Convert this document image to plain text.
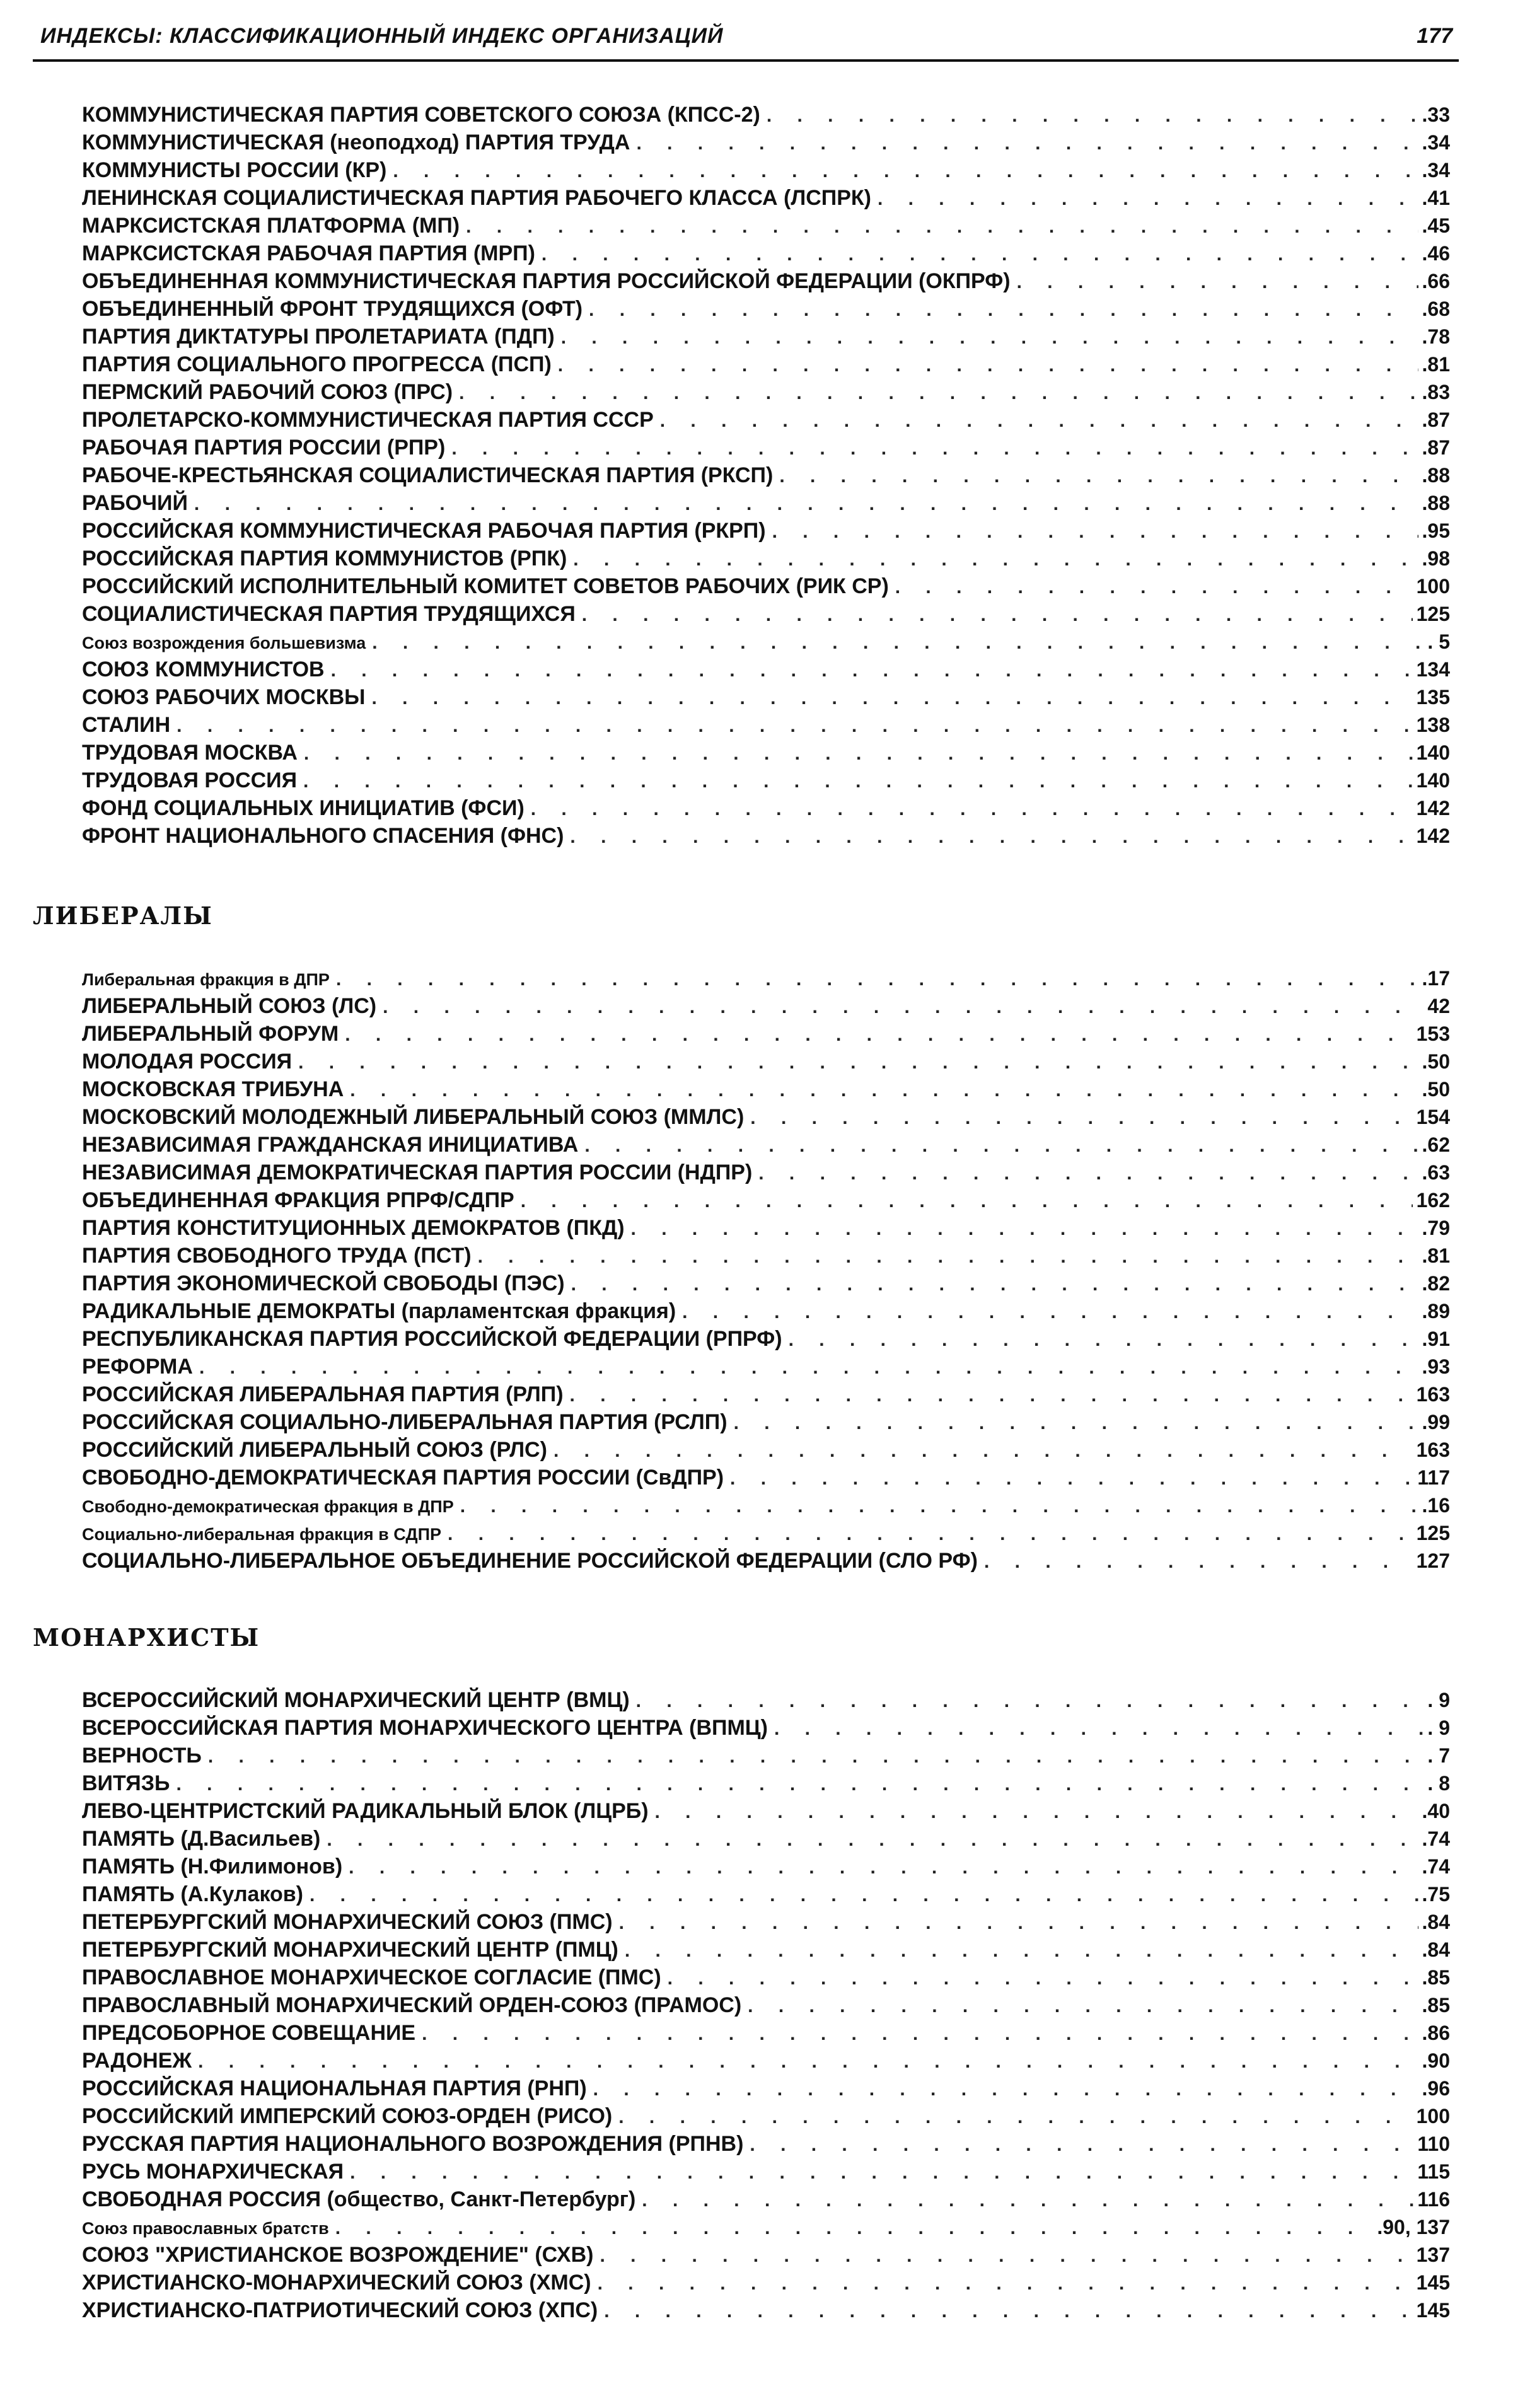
ИНДЕКСЫ: КЛАССИФИКАЦИОННЫЙ ИНДЕКС ОРГАНИЗАЦИЙ	177
КОММУНИСТИЧЕСКАЯ ПАРТИЯ СОВЕТСКОГО СОЮЗА (КПСС-2) . . .	.33
КОММУНИСТИЧЕСКАЯ (неоподход) ПАРТИЯ ТРУДА . . .	.34
КОММУНИСТЫ РОССИИ (КР) . . .	.34
ЛЕНИНСКАЯ СОЦИАЛИСТИЧЕСКАЯ ПАРТИЯ РАБОЧЕГО КЛАССА (ЛСПРК) . . .	.41
МАРКСИСТСКАЯ ПЛАТФОРМА (МП) . . .	.45
МАРКСИСТСКАЯ РАБОЧАЯ ПАРТИЯ (МРП) . . .	.46
ОБЪЕДИНЕННАЯ КОММУНИСТИЧЕСКАЯ ПАРТИЯ РОССИЙСКОЙ ФЕДЕРАЦИИ (ОКПРФ) . . .	.66
ОБЪЕДИНЕННЫЙ ФРОНТ ТРУДЯЩИХСЯ (ОФТ) . . .	.68
ПАРТИЯ ДИКТАТУРЫ ПРОЛЕТАРИАТА (ПДП) . . .	.78
ПАРТИЯ СОЦИАЛЬНОГО ПРОГРЕССА (ПСП) . . .	.81
ПЕРМСКИЙ РАБОЧИЙ СОЮЗ (ПРС) . . .	.83
ПРОЛЕТАРСКО-КОММУНИСТИЧЕСКАЯ ПАРТИЯ СССР . . .	.87
РАБОЧАЯ ПАРТИЯ РОССИИ (РПР) . . .	.87
РАБОЧЕ-КРЕСТЬЯНСКАЯ СОЦИАЛИСТИЧЕСКАЯ ПАРТИЯ (РКСП) . . .	.88
РАБОЧИЙ . . .	.88
РОССИЙСКАЯ КОММУНИСТИЧЕСКАЯ РАБОЧАЯ ПАРТИЯ (РКРП) . . .	.95
РОССИЙСКАЯ ПАРТИЯ КОММУНИСТОВ (РПК) . . .	.98
РОССИЙСКИЙ ИСПОЛНИТЕЛЬНЫЙ КОМИТЕТ СОВЕТОВ РАБОЧИХ (РИК СР) . . .	100
СОЦИАЛИСТИЧЕСКАЯ ПАРТИЯ ТРУДЯЩИХСЯ . . .	125
Союз возрождения большевизма . . .	. 5
СОЮЗ КОММУНИСТОВ . . .	134
СОЮЗ РАБОЧИХ МОСКВЫ . . .	135
СТАЛИН . . .	138
ТРУДОВАЯ МОСКВА . . .	140
ТРУДОВАЯ РОССИЯ . . .	140
ФОНД СОЦИАЛЬНЫХ ИНИЦИАТИВ (ФСИ) . . .	142
ФРОНТ НАЦИОНАЛЬНОГО СПАСЕНИЯ (ФНС) . . .	142
ЛИБЕРАЛЫ
Либеральная фракция в ДПР . . .	.17
ЛИБЕРАЛЬНЫЙ СОЮЗ (ЛС) . . .	42
ЛИБЕРАЛЬНЫЙ ФОРУМ . . .	153
МОЛОДАЯ РОССИЯ . . .	.50
МОСКОВСКАЯ ТРИБУНА . . .	.50
МОСКОВСКИЙ МОЛОДЕЖНЫЙ ЛИБЕРАЛЬНЫЙ СОЮЗ (ММЛС) . . .	154
НЕЗАВИСИМАЯ ГРАЖДАНСКАЯ ИНИЦИАТИВА . . .	.62
НЕЗАВИСИМАЯ ДЕМОКРАТИЧЕСКАЯ ПАРТИЯ РОССИИ (НДПР) . . .	.63
ОБЪЕДИНЕННАЯ ФРАКЦИЯ РПРФ/СДПР . . .	162
ПАРТИЯ КОНСТИТУЦИОННЫХ ДЕМОКРАТОВ (ПКД) . . .	.79
ПАРТИЯ СВОБОДНОГО ТРУДА (ПСТ) . . .	.81
ПАРТИЯ ЭКОНОМИЧЕСКОЙ СВОБОДЫ (ПЭС) . . .	.82
РАДИКАЛЬНЫЕ ДЕМОКРАТЫ (парламентская фракция) . . .	.89
РЕСПУБЛИКАНСКАЯ ПАРТИЯ РОССИЙСКОЙ ФЕДЕРАЦИИ (РПРФ) . . .	.91
РЕФОРМА . . .	.93
РОССИЙСКАЯ ЛИБЕРАЛЬНАЯ ПАРТИЯ (РЛП) . . .	163
РОССИЙСКАЯ СОЦИАЛЬНО-ЛИБЕРАЛЬНАЯ ПАРТИЯ (РСЛП) . . .	.99
РОССИЙСКИЙ ЛИБЕРАЛЬНЫЙ СОЮЗ (РЛС) . . .	163
СВОБОДНО-ДЕМОКРАТИЧЕСКАЯ ПАРТИЯ РОССИИ (СвДПР) . . .	117
Свободно-демократическая фракция в ДПР . . .	.16
Социально-либеральная фракция в СДПР . . .	125
СОЦИАЛЬНО-ЛИБЕРАЛЬНОЕ ОБЪЕДИНЕНИЕ РОССИЙСКОЙ ФЕДЕРАЦИИ (СЛО РФ) . . .	127
МОНАРХИСТЫ
ВСЕРОССИЙСКИЙ МОНАРХИЧЕСКИЙ ЦЕНТР (ВМЦ) . . .	. 9
ВСЕРОССИЙСКАЯ ПАРТИЯ МОНАРХИЧЕСКОГО ЦЕНТРА (ВПМЦ) . . .	. 9
ВЕРНОСТЬ . . .	. 7
ВИТЯЗЬ . . .	. 8
ЛЕВО-ЦЕНТРИСТСКИЙ РАДИКАЛЬНЫЙ БЛОК (ЛЦРБ) . . .	.40
ПАМЯТЬ (Д.Васильев) . . .	.74
ПАМЯТЬ (Н.Филимонов) . . .	.74
ПАМЯТЬ (А.Кулаков) . . .	.75
ПЕТЕРБУРГСКИЙ МОНАРХИЧЕСКИЙ СОЮЗ (ПМС) . . .	.84
ПЕТЕРБУРГСКИЙ МОНАРХИЧЕСКИЙ ЦЕНТР (ПМЦ) . . .	.84
ПРАВОСЛАВНОЕ МОНАРХИЧЕСКОЕ СОГЛАСИЕ (ПМС) . . .	.85
ПРАВОСЛАВНЫЙ МОНАРХИЧЕСКИЙ ОРДЕН-СОЮЗ (ПРАМОС) . . .	.85
ПРЕДСОБОРНОЕ СОВЕЩАНИЕ . . .	.86
РАДОНЕЖ . . .	.90
РОССИЙСКАЯ НАЦИОНАЛЬНАЯ ПАРТИЯ (РНП) . . .	.96
РОССИЙСКИЙ ИМПЕРСКИЙ СОЮЗ-ОРДЕН (РИСО) . . .	100
РУССКАЯ ПАРТИЯ НАЦИОНАЛЬНОГО ВОЗРОЖДЕНИЯ (РПНВ) . . .	110
РУСЬ МОНАРХИЧЕСКАЯ . . .	115
СВОБОДНАЯ РОССИЯ (общество, Санкт-Петербург) . . .	116
Союз православных братств . . .	.90, 137
СОЮЗ "ХРИСТИАНСКОЕ ВОЗРОЖДЕНИЕ" (СХВ) . . .	137
ХРИСТИАНСКО-МОНАРХИЧЕСКИЙ СОЮЗ (ХМС) . . .	145
ХРИСТИАНСКО-ПАТРИОТИЧЕСКИЙ СОЮЗ (ХПС) . . .	145
